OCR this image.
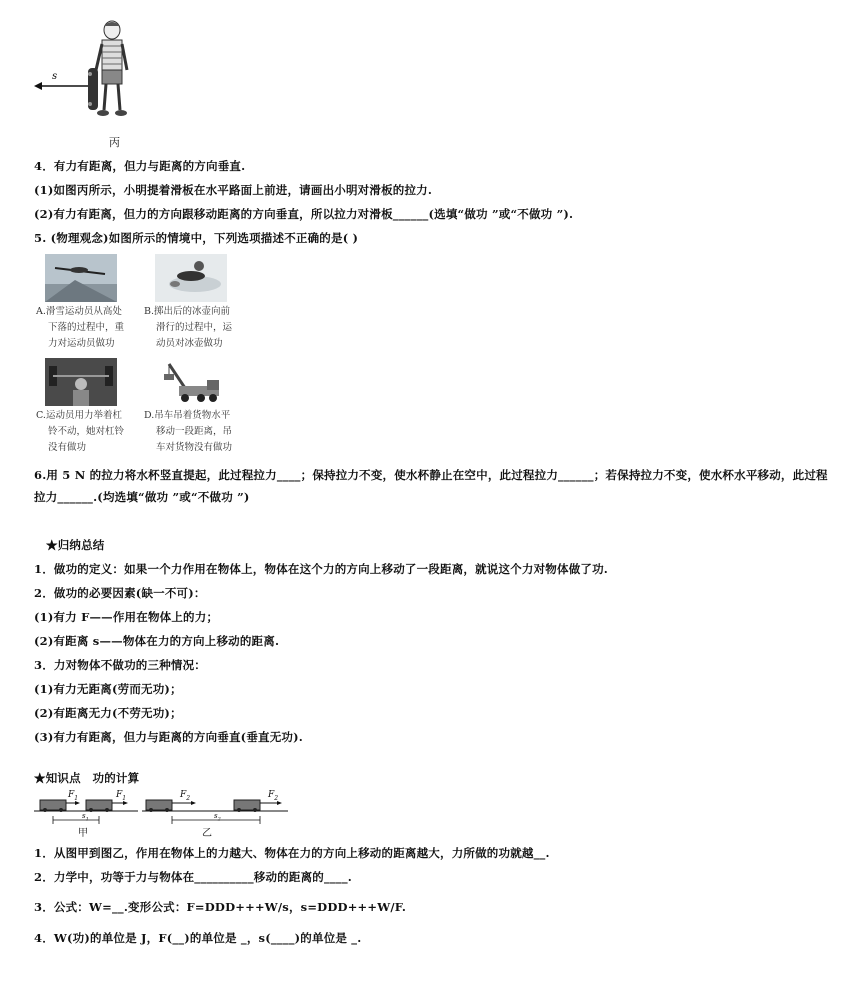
s
丙
4．有力有距离，但力与距离的方向垂直.
(1)如图丙所示，小明提着滑板在水平路面上前进，请画出小明对滑板的拉力.
(2)有力有距离，但力的方向跟移动距离的方向垂直，所以拉力对滑板______(选填“做功 ”或“不做功 ”).
5. (物理观念)如图所示的情境中，下列选项描述不正确的是( )
A.滑雪运动员从高处
下落的过程中，重
力对运动员做功
B.掷出后的冰壶向前
滑行的过程中，运
动员对冰壶做功
C.运动员用力举着杠
铃不动，她对杠铃
没有做功
D.吊车吊着货物水平
移动一段距离，吊
车对货物没有做功
6.用 5 N 的拉力将水杯竖直提起，此过程拉力____；保持拉力不变，使水杯静止在空中，此过程拉力______；若保持拉力不变，使水杯水平移动，此过程拉力______.(均选填“做功 ”或“不做功 ”)
★归纳总结
1．做功的定义：如果一个力作用在物体上，物体在这个力的方向上移动了一段距离，就说这个力对物体做了功.
2．做功的必要因素(缺一不可)：
(1)有力 F——作用在物体上的力；
(2)有距离 s——物体在力的方向上移动的距离.
3．力对物体不做功的三种情况：
(1)有力无距离(劳而无功)；
(2)有距离无力(不劳无功)；
(3)有力有距离，但力与距离的方向垂直(垂直无功).
★知识点　功的计算
$F_1$	$F_1$
$s_1$
甲
$F_2$	$F_2$
$s_2$
乙
1．从图甲到图乙，作用在物体上的力越大、物体在力的方向上移动的距离越大，力所做的功就越__.
2．力学中，功等于力与物体在__________移动的距离的____.
3．公式：W=__.变形公式：F=DDD+++W/s，s=DDD+++W/F.
4．W(功)的单位是 J，F(__)的单位是 _，s(____)的单位是 _.
